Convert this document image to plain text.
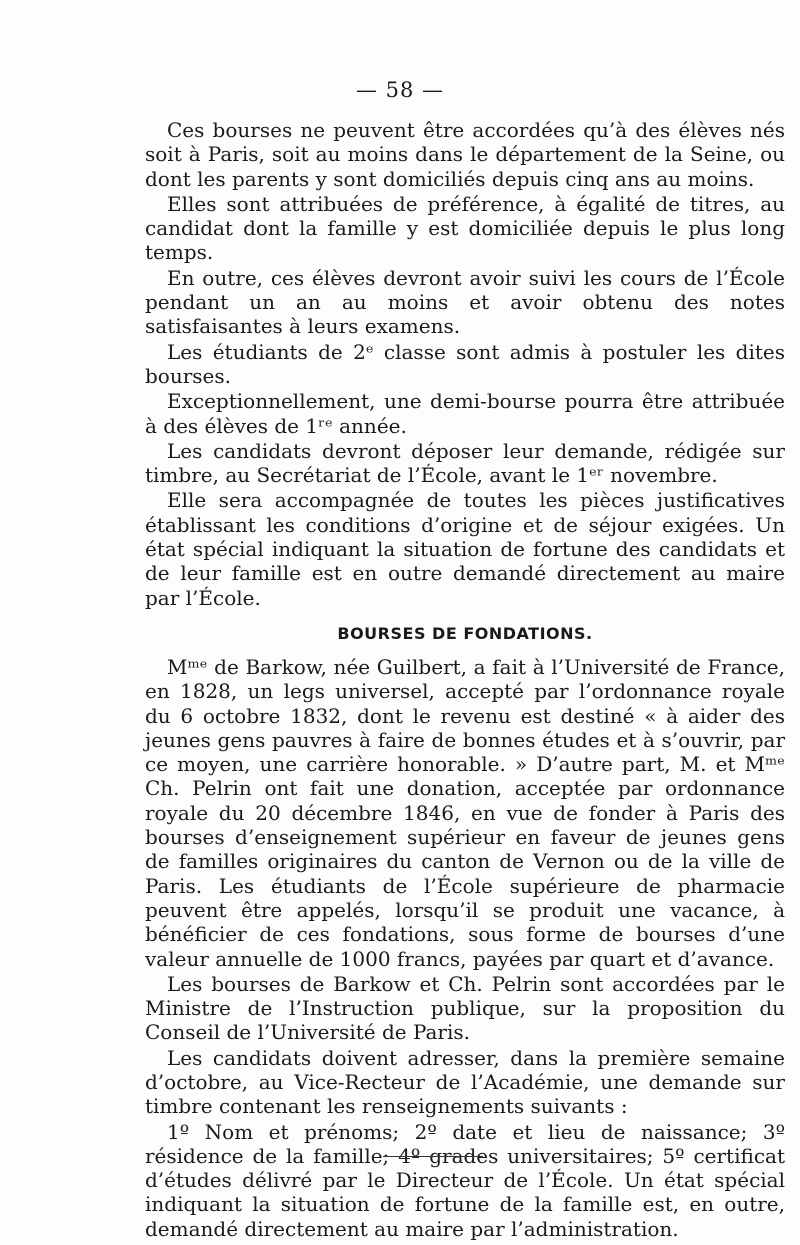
— 58 —

Ces bourses ne peuvent être accordées qu’à des élèves nés soit à Paris, soit au moins dans le département de la Seine, ou dont les parents y sont domiciliés depuis cinq ans au moins.

Elles sont attribuées de préférence, à égalité de titres, au candidat dont la famille y est domiciliée depuis le plus long temps.

En outre, ces élèves devront avoir suivi les cours de l’École pendant un an au moins et avoir obtenu des notes satisfaisantes à leurs examens.

Les étudiants de 2ᵉ classe sont admis à postuler les dites bourses.

Exceptionnellement, une demi-bourse pourra être attribuée à des élèves de 1ʳᵉ année.

Les candidats devront déposer leur demande, rédigée sur timbre, au Secrétariat de l’École, avant le 1ᵉʳ novembre.

Elle sera accompagnée de toutes les pièces justificatives établissant les conditions d’origine et de séjour exigées. Un état spécial indiquant la situation de fortune des candidats et de leur famille est en outre demandé directement au maire par l’École.

BOURSES DE FONDATIONS.

Mᵐᵉ de Barkow, née Guilbert, a fait à l’Université de France, en 1828, un legs universel, accepté par l’ordonnance royale du 6 octobre 1832, dont le revenu est destiné « à aider des jeunes gens pauvres à faire de bonnes études et à s’ouvrir, par ce moyen, une carrière honorable. » D’autre part, M. et Mᵐᵉ Ch. Pelrin ont fait une donation, acceptée par ordonnance royale du 20 décembre 1846, en vue de fonder à Paris des bourses d’enseignement supérieur en faveur de jeunes gens de familles originaires du canton de Vernon ou de la ville de Paris. Les étudiants de l’École supérieure de pharmacie peuvent être appelés, lorsqu’il se produit une vacance, à bénéficier de ces fondations, sous forme de bourses d’une valeur annuelle de 1000 francs, payées par quart et d’avance.

Les bourses de Barkow et Ch. Pelrin sont accordées par le Ministre de l’Instruction publique, sur la proposition du Conseil de l’Université de Paris.

Les candidats doivent adresser, dans la première semaine d’octobre, au Vice-Recteur de l’Académie, une demande sur timbre contenant les renseignements suivants :

1º Nom et prénoms; 2º date et lieu de naissance; 3º résidence de la famille; 4º grades universitaires; 5º certificat d’études délivré par le Directeur de l’École. Un état spécial indiquant la situation de fortune de la famille est, en outre, demandé directement au maire par l’administration.
